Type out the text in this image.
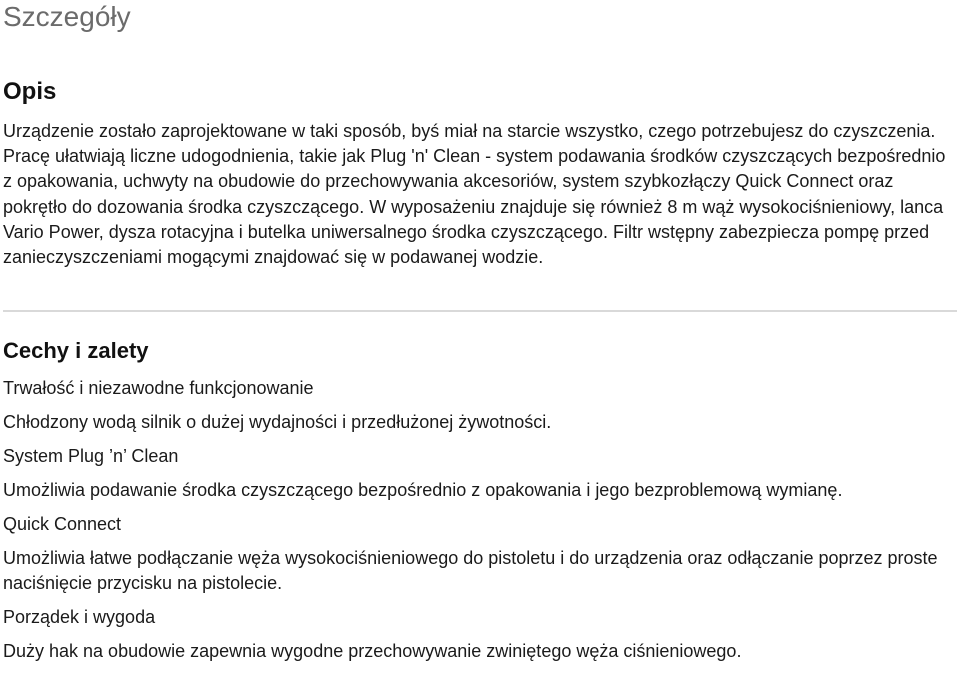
Szczegóły
Opis

Urządzenie zostało zaprojektowane w taki sposób, byś miał na starcie wszystko, czego potrzebujesz do czyszczenia. Pracę ułatwiają liczne udogodnienia, takie jak Plug 'n' Clean - system podawania środków czyszczących bezpośrednio z opakowania, uchwyty na obudowie do przechowywania akcesoriów, system szybkozłączy Quick Connect oraz pokrętło do dozowania środka czyszczącego. W wyposażeniu znajduje się również 8 m wąż wysokociśnieniowy, lanca Vario Power, dysza rotacyjna i butelka uniwersalnego środka czyszczącego. Filtr wstępny zabezpiecza pompę przed zanieczyszczeniami mogącymi znajdować się w podawanej wodzie.

Cechy i zalety

Trwałość i niezawodne funkcjonowanie

Chłodzony wodą silnik o dużej wydajności i przedłużonej żywotności.

System Plug ’n’ Clean

Umożliwia podawanie środka czyszczącego bezpośrednio z opakowania i jego bezproblemową wymianę.

Quick Connect

Umożliwia łatwe podłączanie węża wysokociśnieniowego do pistoletu i do urządzenia oraz odłączanie poprzez proste naciśnięcie przycisku na pistolecie.

Porządek i wygoda

Duży hak na obudowie zapewnia wygodne przechowywanie zwiniętego węża ciśnieniowego.
